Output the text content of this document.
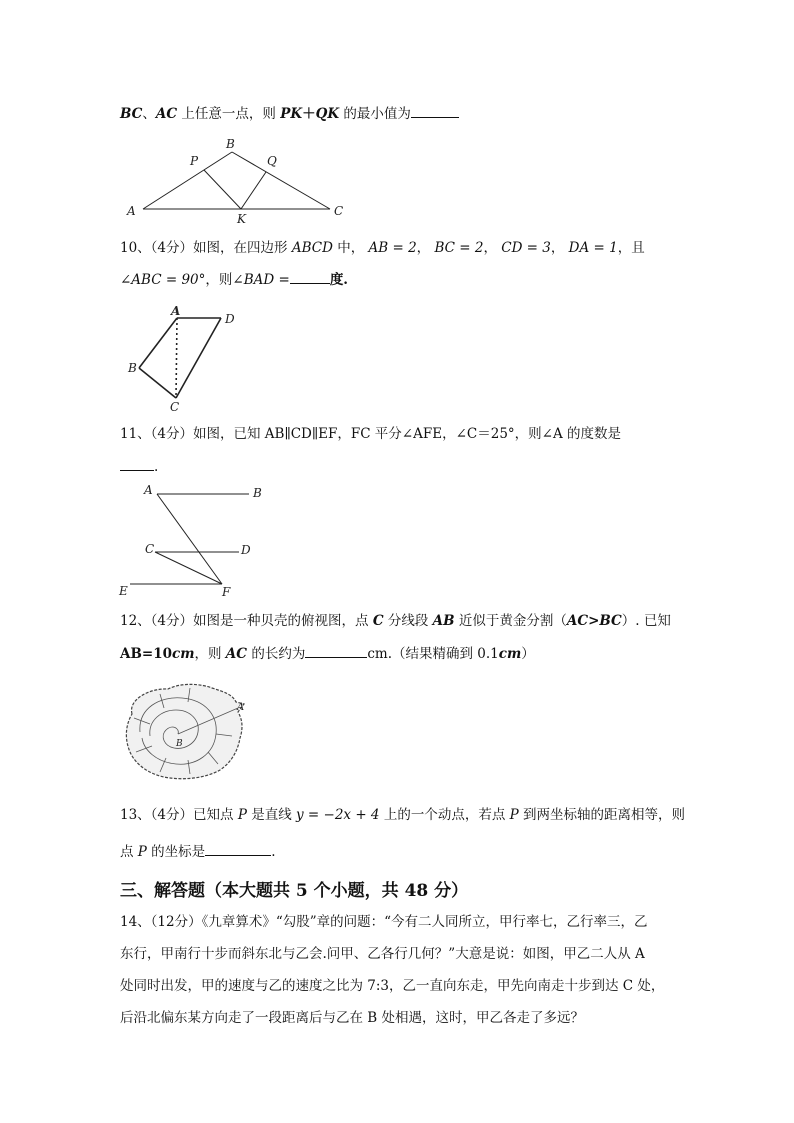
BC、AC 上任意一点，则 PK＋QK 的最小值为
B
P	Q
A
K
C
10、（4分）如图，在四边形 ABCD 中， AB = 2， BC = 2， CD = 3， DA = 1，且
∠ABC = 90°，则∠BAD =	度.
A
D
B
C
11、（4分）如图，已知 AB∥CD∥EF，FC 平分∠AFE，∠C＝25°，则∠A 的度数是
.
A	B
C	D
E	F
12、（4分）如图是一种贝壳的俯视图，点 C 分线段 AB 近似于黄金分割（AC>BC）. 已知
AB=10cm，则 AC 的长约为	cm.（结果精确到 0.1cm）
A
B
13、（4分）已知点 P 是直线 y = −2x + 4 上的一个动点，若点 P 到两坐标轴的距离相等，则
点 P 的坐标是	.
三、解答题（本大题共 5 个小题，共 48 分）
14、（12分）《九章算术》“勾股”章的问题：“今有二人同所立，甲行率七，乙行率三，乙
东行，甲南行十步而斜东北与乙会.问甲、乙各行几何？”大意是说：如图，甲乙二人从 A
处同时出发，甲的速度与乙的速度之比为 7:3，乙一直向东走，甲先向南走十步到达 C 处，
后沿北偏东某方向走了一段距离后与乙在 B 处相遇，这时，甲乙各走了多远？
